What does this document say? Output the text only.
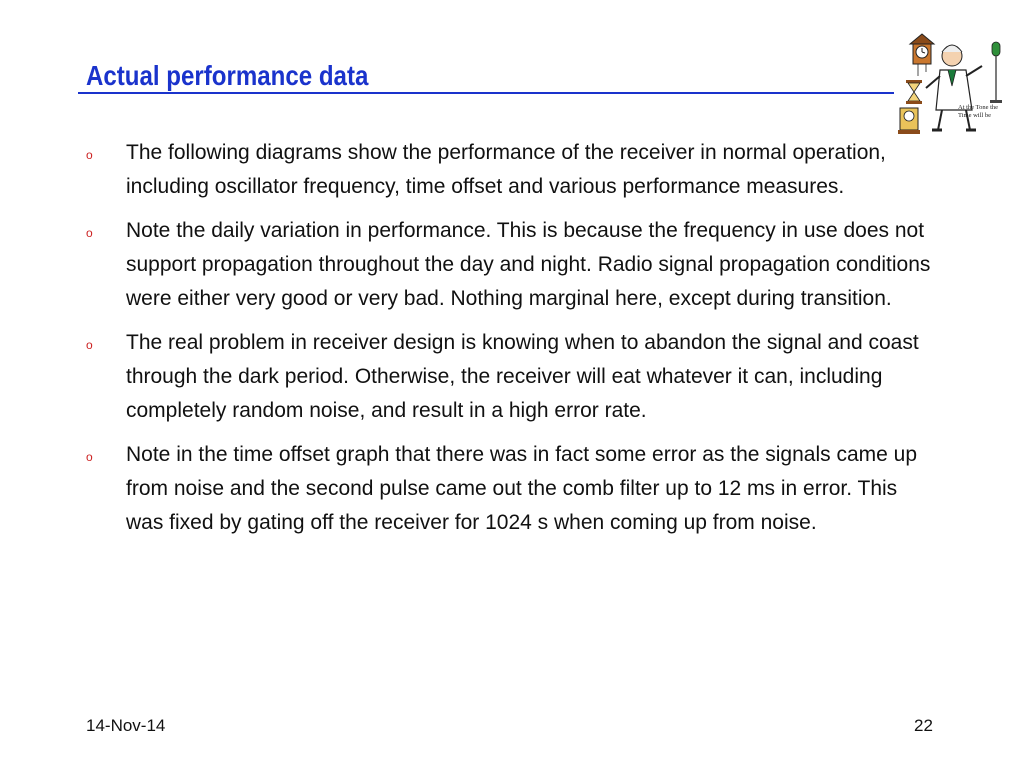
Actual performance data
At the Tone the Time will be
o The following diagrams show the performance of the receiver in normal operation, including oscillator frequency, time offset and various performance measures.
o Note the daily variation in performance. This is because the frequency in use does not support propagation throughout the day and night. Radio signal propagation conditions were either very good or very bad. Nothing marginal here, except during transition.
o The real problem in receiver design is knowing when to abandon the signal and coast through the dark period. Otherwise, the receiver will eat whatever it can, including completely random noise, and result in a high error rate.
o Note in the time offset graph that there was in fact some error as the signals came up from noise and the second pulse came out the comb filter up to 12 ms in error. This was fixed by gating off the receiver for 1024 s when coming up from noise.
14-Nov-14	22
